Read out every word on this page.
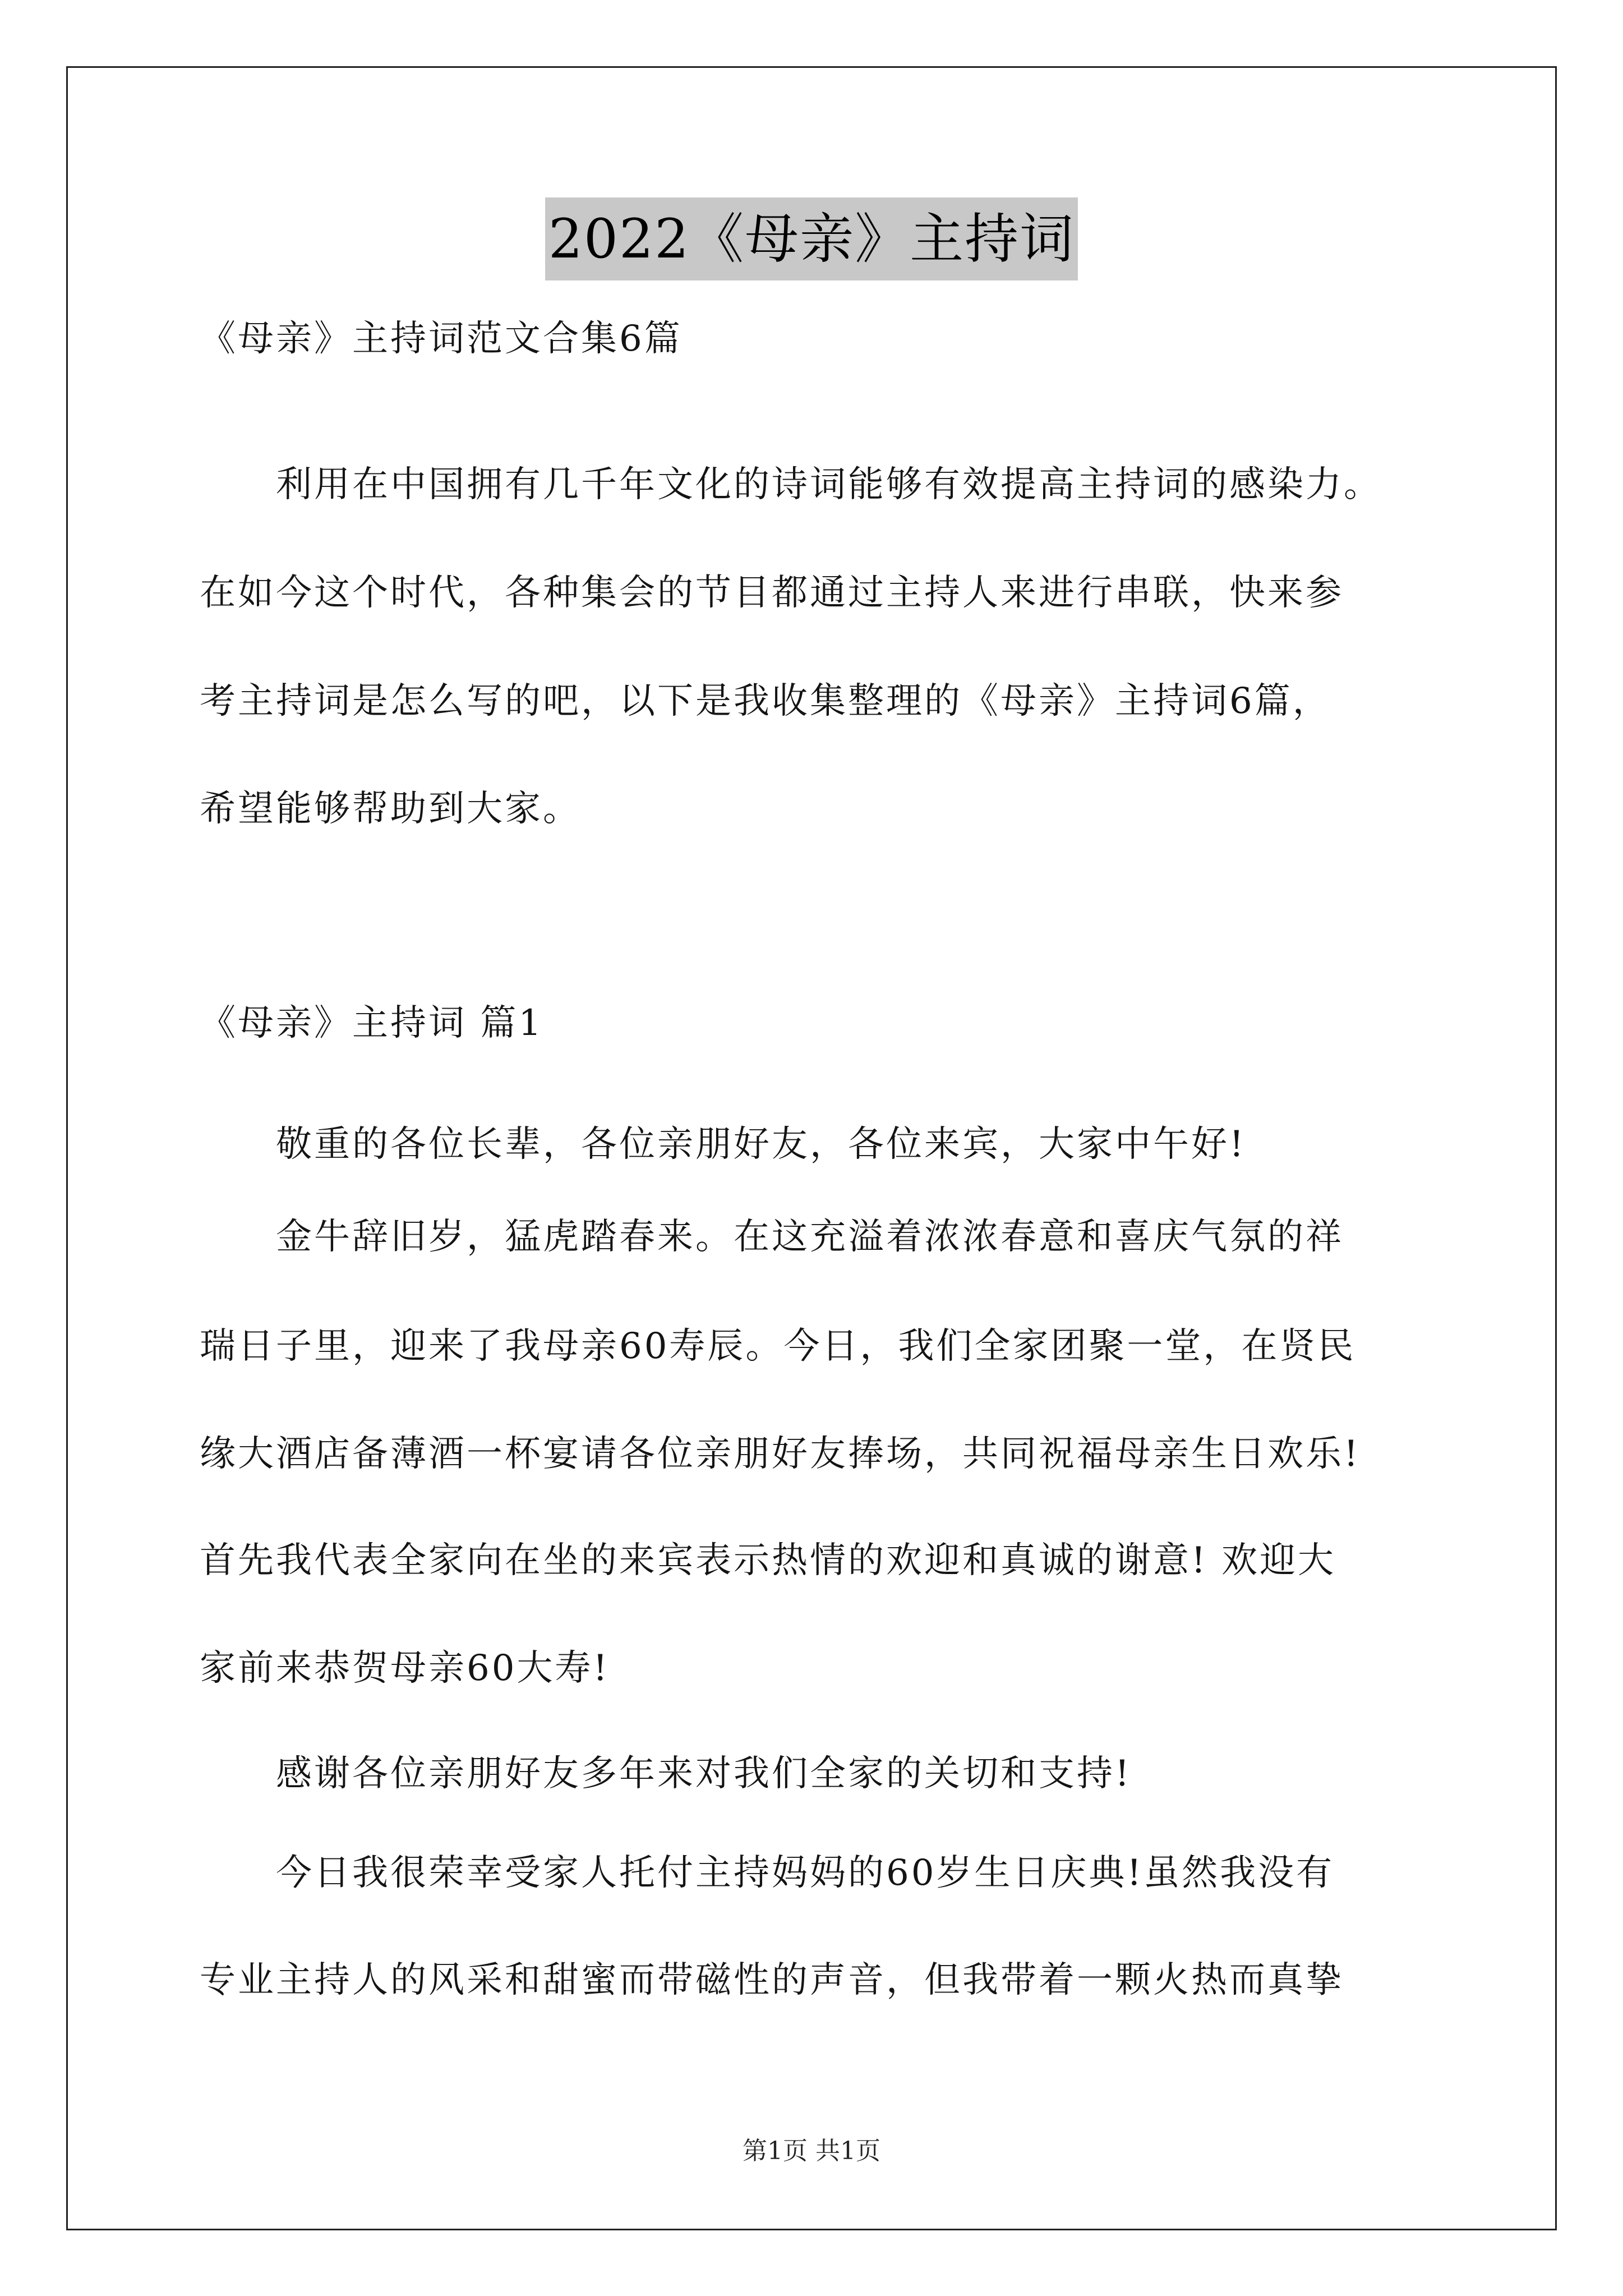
2022《母亲》主持词
《母亲》主持词范文合集6篇
　　利用在中国拥有几千年文化的诗词能够有效提高主持词的感染力。
在如今这个时代，各种集会的节目都通过主持人来进行串联，快来参
考主持词是怎么写的吧，以下是我收集整理的《母亲》主持词6篇，
希望能够帮助到大家。
《母亲》主持词 篇1
　　敬重的各位长辈，各位亲朋好友，各位来宾，大家中午好!
　　金牛辞旧岁，猛虎踏春来。在这充溢着浓浓春意和喜庆气氛的祥
瑞日子里，迎来了我母亲60寿辰。今日，我们全家团聚一堂，在贤民
缘大酒店备薄酒一杯宴请各位亲朋好友捧场，共同祝福母亲生日欢乐!
首先我代表全家向在坐的来宾表示热情的欢迎和真诚的谢意! 欢迎大
家前来恭贺母亲60大寿!
　　感谢各位亲朋好友多年来对我们全家的关切和支持!
　　今日我很荣幸受家人托付主持妈妈的60岁生日庆典!虽然我没有
专业主持人的风采和甜蜜而带磁性的声音，但我带着一颗火热而真挚
第1页 共1页
